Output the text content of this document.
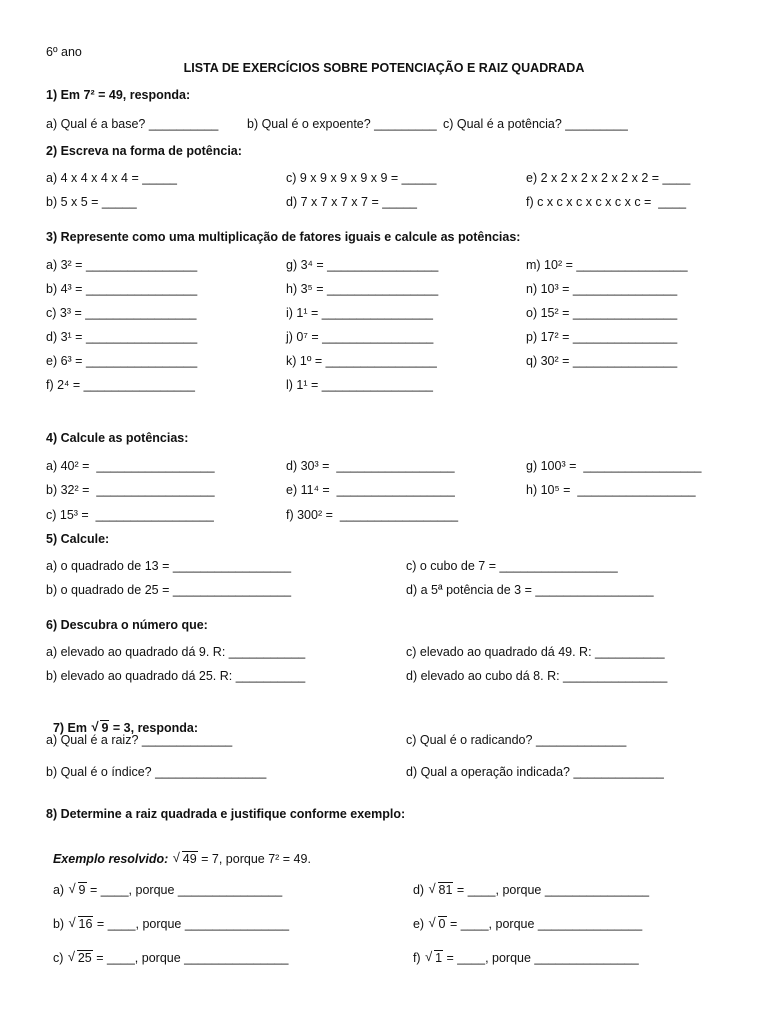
6º ano
LISTA DE EXERCÍCIOS SOBRE POTENCIAÇÃO E RAIZ QUADRADA
1) Em 7² = 49, responda:
a) Qual é a base? __________ b) Qual é o expoente? _________ c) Qual é a potência? _________
2) Escreva na forma de potência:
a) 4 x 4 x 4 x 4 = _____
b) 5 x 5 = _____
c) 9 x 9 x 9 x 9 x 9 = _____
d) 7 x 7 x 7 x 7 = _____
e) 2 x 2 x 2 x 2 x 2 x 2 = ____
f) c x c x c x c x c x c =  ____
3) Represente como uma multiplicação de fatores iguais e calcule as potências:
a) 3² = ________________
b) 4³ = ________________
c) 3³ = ________________
d) 3¹ = ________________
e) 6³ = ________________
f) 2⁴ = ________________
g) 3⁴ = ________________
h) 3⁵ = ________________
i) 1¹ = ________________
j) 0⁷ = ________________
k) 1º = ________________
l) 1¹ = ________________
m) 10² = ________________
n) 10³ = _______________
o) 15² = _______________
p) 17² = _______________
q) 30² = _______________
4) Calcule as potências:
a) 40² =  _________________
b) 32² =  _________________
c) 15³ =  _________________
d) 30³ =  _________________
e) 11⁴ =  _________________
f) 300² =  _________________
g) 100³ =  _________________
h) 10⁵ =  _________________
5) Calcule:
a) o quadrado de 13 = _________________
b) o quadrado de 25 = _________________
c) o cubo de 7 = _________________
d) a 5ª potência de 3 = _________________
6) Descubra o número que:
a) elevado ao quadrado dá 9. R: ___________
b) elevado ao quadrado dá 25. R: __________
c) elevado ao quadrado dá 49. R: __________
d) elevado ao cubo dá 8. R: _______________

7) Em √ 9 = 3, responda:

a) Qual é a raiz? _____________
b) Qual é o índice? ________________
c) Qual é o radicando? _____________
d) Qual a operação indicada? _____________
8) Determine a raiz quadrada e justifique conforme exemplo:

Exemplo resolvido: √ 49 = 7, porque 7² = 49.

a) √ 9 = ____, porque _______________

b) √ 16 = ____, porque _______________

c) √ 25 = ____, porque _______________

d) √ 81 = ____, porque _______________

e) √ 0 = ____, porque _______________

f) √ 1 = ____, porque _______________
